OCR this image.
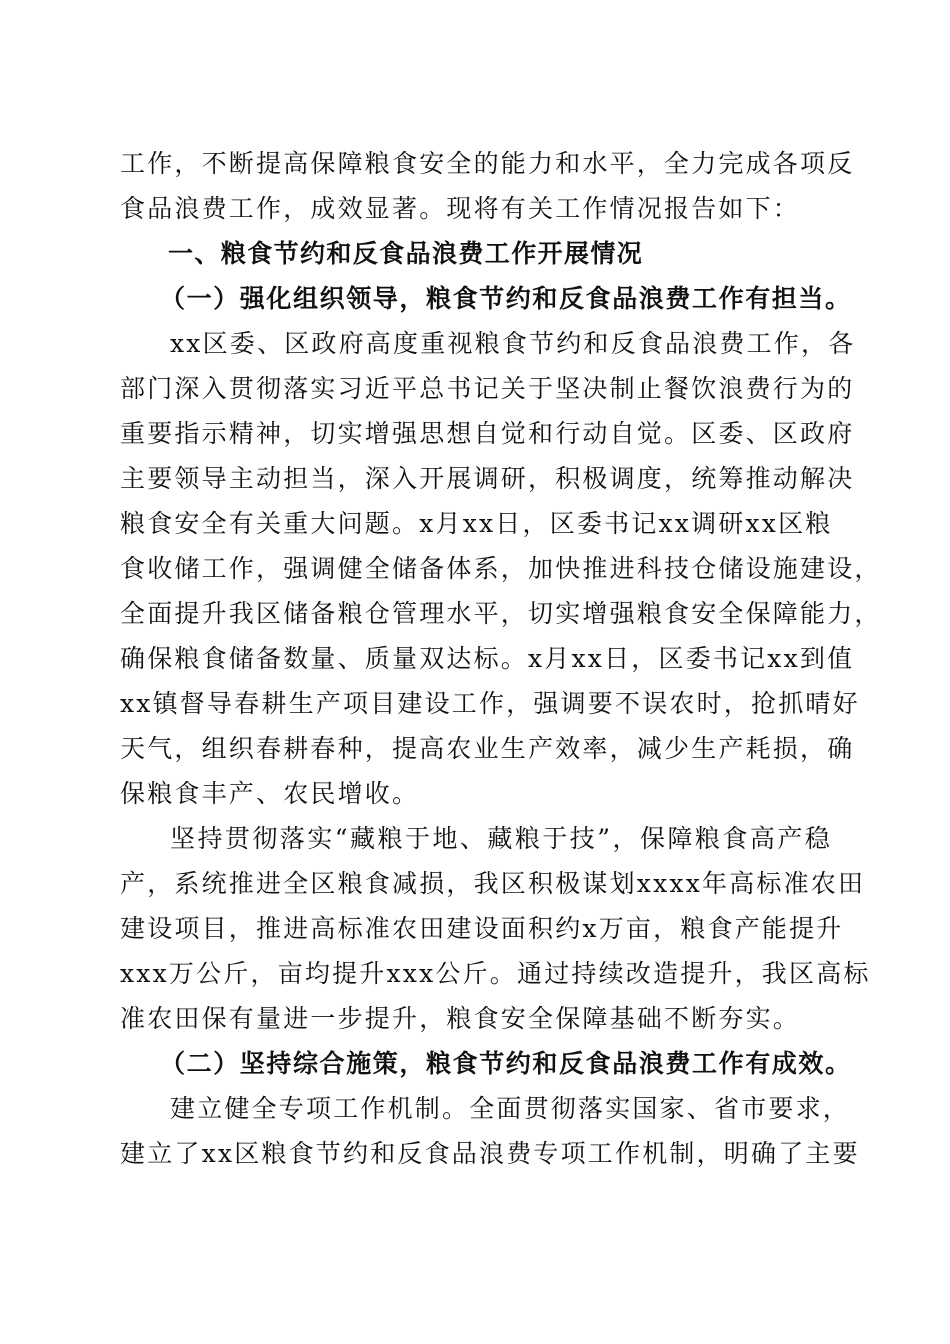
工作，不断提高保障粮食安全的能力和水平，全力完成各项反
食品浪费工作，成效显著。现将有关工作情况报告如下：
一、粮食节约和反食品浪费工作开展情况
（一）强化组织领导，粮食节约和反食品浪费工作有担当。
xx区委、区政府高度重视粮食节约和反食品浪费工作，各
部门深入贯彻落实习近平总书记关于坚决制止餐饮浪费行为的
重要指示精神，切实增强思想自觉和行动自觉。区委、区政府
主要领导主动担当，深入开展调研，积极调度，统筹推动解决
粮食安全有关重大问题。x月xx日，区委书记xx调研xx区粮
食收储工作，强调健全储备体系，加快推进科技仓储设施建设，
全面提升我区储备粮仓管理水平，切实增强粮食安全保障能力，
确保粮食储备数量、质量双达标。x月xx日，区委书记xx到值
xx镇督导春耕生产项目建设工作，强调要不误农时，抢抓晴好
天气，组织春耕春种，提高农业生产效率，减少生产耗损，确
保粮食丰产、农民增收。
坚持贯彻落实“藏粮于地、藏粮于技”，保障粮食高产稳
产，系统推进全区粮食减损，我区积极谋划xxxx年高标准农田
建设项目，推进高标准农田建设面积约x万亩，粮食产能提升
xxx万公斤，亩均提升xxx公斤。通过持续改造提升，我区高标
准农田保有量进一步提升，粮食安全保障基础不断夯实。
（二）坚持综合施策，粮食节约和反食品浪费工作有成效。
建立健全专项工作机制。全面贯彻落实国家、省市要求，
建立了xx区粮食节约和反食品浪费专项工作机制，明确了主要
